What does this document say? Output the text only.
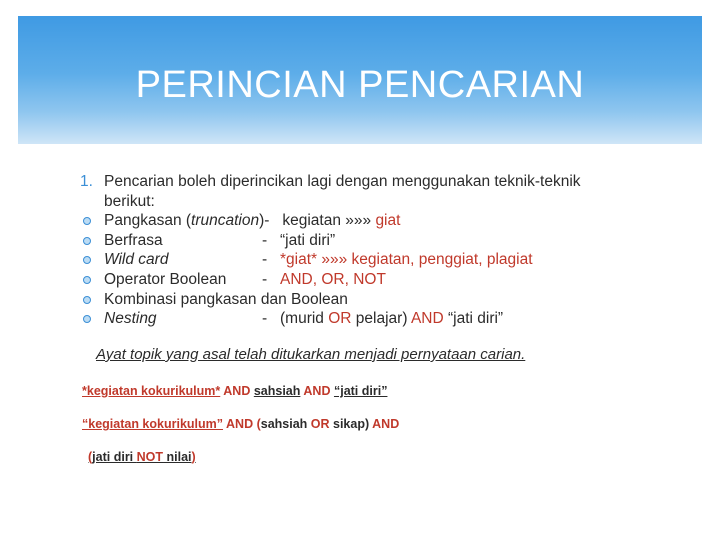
PERINCIAN PENCARIAN
1. Pencarian boleh diperincikan lagi dengan menggunakan teknik-teknik
berikut:
Pangkasan (truncation)- kegiatan »»» giat
Berfrasa	- “jati diri”
Wild card	- *giat* »»» kegiatan, penggiat, plagiat
Operator Boolean - AND, OR, NOT
Kombinasi pangkasan dan Boolean
Nesting	- (murid OR pelajar) AND “jati diri”
Ayat topik yang asal telah ditukarkan menjadi pernyataan carian.
*kegiatan kokurikulum* AND sahsiah AND “jati diri”
“kegiatan kokurikulum” AND (sahsiah OR sikap) AND
(jati diri NOT nilai)
